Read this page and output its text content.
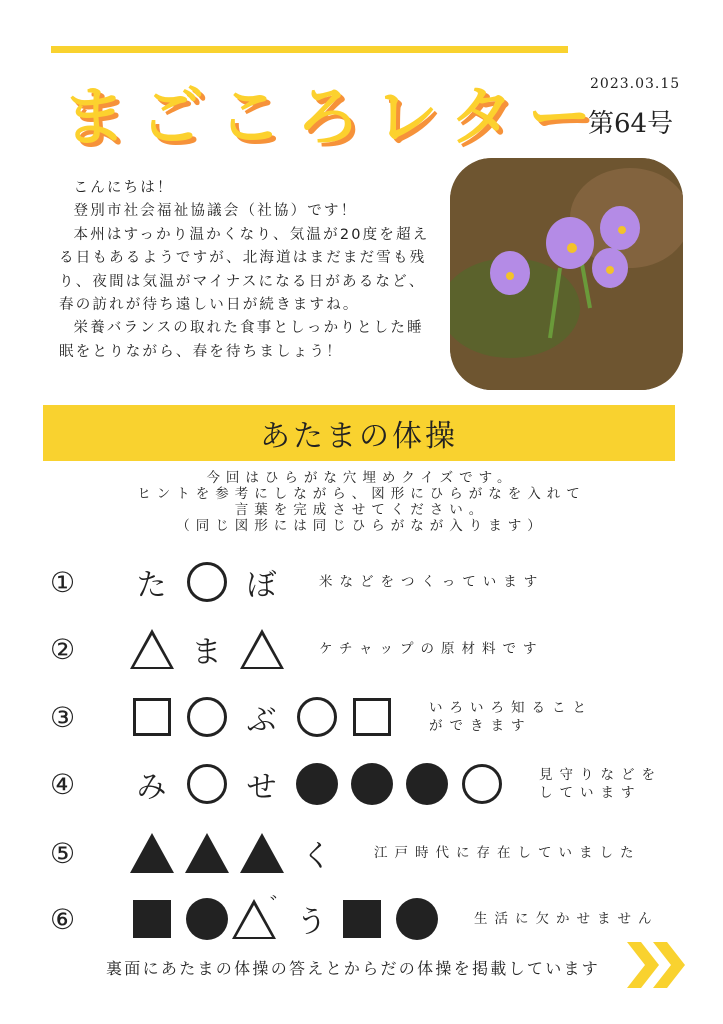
まごころレター
2023.03.15
第64号

こんにちは！

登別市社会福祉協議会（社協）です！

本州はすっかり温かくなり、気温が20度を超える日もあるようですが、北海道はまだまだ雪も残り、夜間は気温がマイナスになる日があるなど、春の訪れが待ち遠しい日が続きますね。

栄養バランスの取れた食事としっかりとした睡眠をとりながら、春を待ちましょう！

あたまの体操
今回はひらがな穴埋めクイズです。
ヒントを参考にしながら、図形にひらがなを入れて
言葉を完成させてください。
（同じ図形には同じひらがなが入ります）
①	た	ぼ	米などをつくっています
②	ま	ケチャップの原材料です
③	ぶ	いろいろ知ること
ができます
④	み	せ	見守りなどを
しています
⑤	く	江戸時代に存在していました
⑥	゛ う	生活に欠かせません
裏面にあたまの体操の答えとからだの体操を掲載しています
